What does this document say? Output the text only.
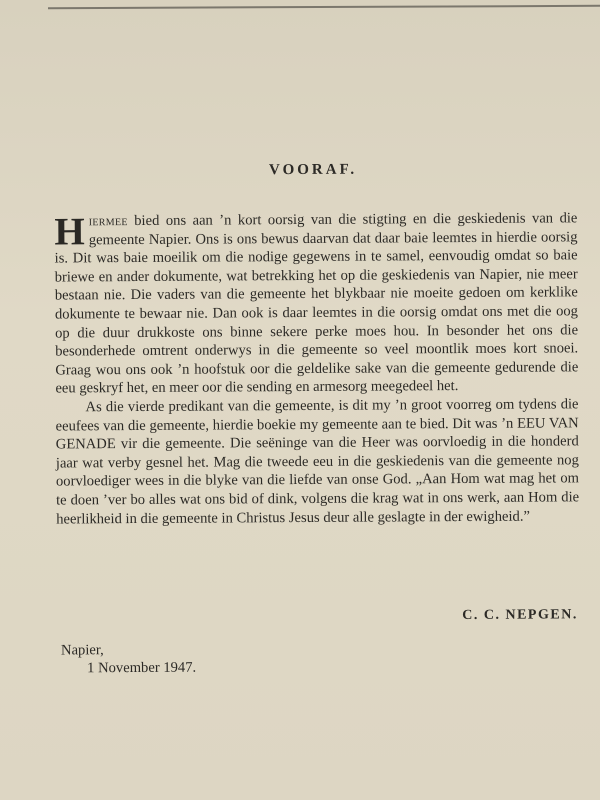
VOORAF.

Hiermee bied ons aan ’n kort oorsig van die stigting en die geskiedenis van die gemeente Napier. Ons is ons bewus daarvan dat daar baie leemtes in hierdie oorsig is. Dit was baie moeilik om die nodige gegewens in te samel, eenvoudig omdat so baie briewe en ander dokumente, wat betrekking het op die geskiedenis van Napier, nie meer bestaan nie. Die vaders van die gemeente het blykbaar nie moeite gedoen om kerklike dokumente te bewaar nie. Dan ook is daar leemtes in die oorsig omdat ons met die oog op die duur drukkoste ons binne sekere perke moes hou. In besonder het ons die besonderhede omtrent onderwys in die gemeente so veel moontlik moes kort snoei. Graag wou ons ook ’n hoofstuk oor die geldelike sake van die gemeente gedurende die eeu geskryf het, en meer oor die sending en armesorg meegedeel het.

As die vierde predikant van die gemeente, is dit my ’n groot voorreg om tydens die eeufees van die gemeente, hierdie boekie my gemeente aan te bied. Dit was ’n EEU VAN GENADE vir die gemeente. Die seëninge van die Heer was oorvloedig in die honderd jaar wat verby gesnel het. Mag die tweede eeu in die geskiedenis van die gemeente nog oorvloediger wees in die blyke van die liefde van onse God. „Aan Hom wat mag het om te doen ’ver bo alles wat ons bid of dink, volgens die krag wat in ons werk, aan Hom die heerlikheid in die gemeente in Christus Jesus deur alle geslagte in der ewigheid.”

C. C. NEPGEN.
Napier,
1 November 1947.
